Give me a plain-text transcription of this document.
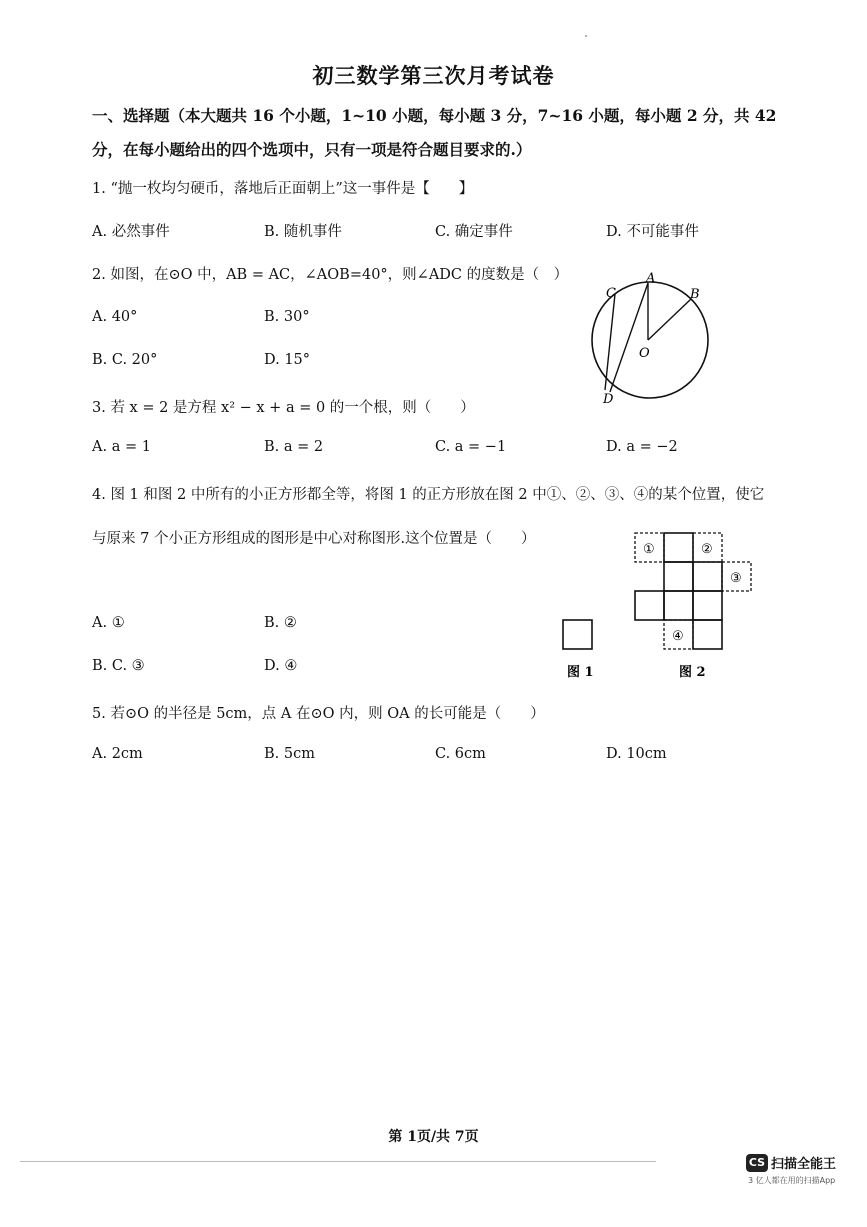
初三数学第三次月考试卷
一、选择题（本大题共 16 个小题，1~10 小题，每小题 3 分，7~16 小题，每小题 2 分，共 42
分，在每小题给出的四个选项中，只有一项是符合题目要求的.）
1. “抛一枚均匀硬币，落地后正面朝上”这一事件是【　　】
A. 必然事件	B. 随机事件	C. 确定事件	D. 不可能事件
2. 如图，在⊙O 中，AB = AC，∠AOB=40°，则∠ADC 的度数是（　）
A. 40°	B. 30°
B. C. 20°	D. 15°
A
B
C
D
O
3. 若 x = 2 是方程 x² − x + a = 0 的一个根，则（　　）
A. a = 1	B. a = 2	C. a = −1	D. a = −2
4. 图 1 和图 2 中所有的小正方形都全等，将图 1 的正方形放在图 2 中①、②、③、④的某个位置，使它
与原来 7 个小正方形组成的图形是中心对称图形.这个位置是（　　）
A. ①	B. ②
B. C. ③	D. ④
①	②
③
④
图 1	图 2
5. 若⊙O 的半径是 5cm，点 A 在⊙O 内，则 OA 的长可能是（　　）
A. 2cm	B. 5cm	C. 6cm	D. 10cm
第 1页/共 7页
CS 扫描全能王
3 亿人都在用的扫描App
